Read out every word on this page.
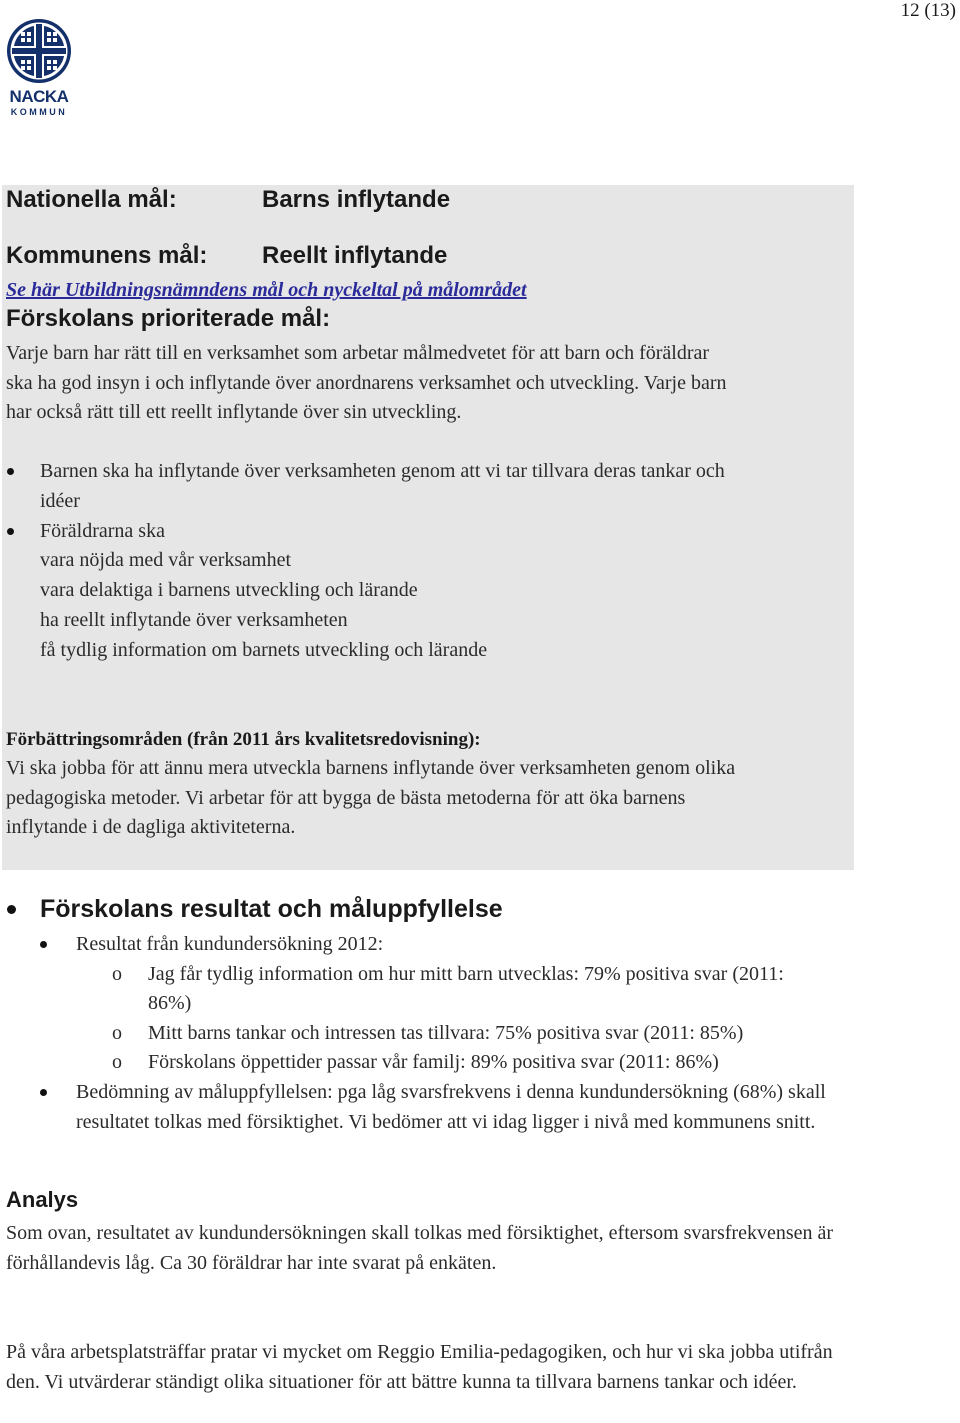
12 (13)
NACKA
KOMMUN
Nationella mål:	Barns inflytande
Kommunens mål: Reellt inflytande
Se här Utbildningsnämndens mål och nyckeltal på målområdet
Förskolans prioriterade mål:
Varje barn har rätt till en verksamhet som arbetar målmedvetet för att barn och föräldrar
ska ha god insyn i och inflytande över anordnarens verksamhet och utveckling. Varje barn
har också rätt till ett reellt inflytande över sin utveckling.
Barnen ska ha inflytande över verksamheten genom att vi tar tillvara deras tankar och
idéer
Föräldrarna ska
vara nöjda med vår verksamhet
vara delaktiga i barnens utveckling och lärande
ha reellt inflytande över verksamheten
få tydlig information om barnets utveckling och lärande
Förbättringsområden (från 2011 års kvalitetsredovisning):
Vi ska jobba för att ännu mera utveckla barnens inflytande över verksamheten genom olika
pedagogiska metoder. Vi arbetar för att bygga de bästa metoderna för att öka barnens
inflytande i de dagliga aktiviteterna.
Förskolans resultat och måluppfyllelse
Resultat från kundundersökning 2012:
o Jag får tydlig information om hur mitt barn utvecklas: 79% positiva svar (2011: 86%)
o Mitt barns tankar och intressen tas tillvara: 75% positiva svar (2011: 85%)
o Förskolans öppettider passar vår familj: 89% positiva svar (2011: 86%)
Bedömning av måluppfyllelsen: pga låg svarsfrekvens i denna kundundersökning (68%) skall resultatet tolkas med försiktighet. Vi bedömer att vi idag ligger i nivå med kommunens snitt.
Analys
Som ovan, resultatet av kundundersökningen skall tolkas med försiktighet, eftersom svarsfrekvensen är förhållandevis låg. Ca 30 föräldrar har inte svarat på enkäten.
På våra arbetsplatsträffar pratar vi mycket om Reggio Emilia-pedagogiken, och hur vi ska jobba utifrån den. Vi utvärderar ständigt olika situationer för att bättre kunna ta tillvara barnens tankar och idéer.
